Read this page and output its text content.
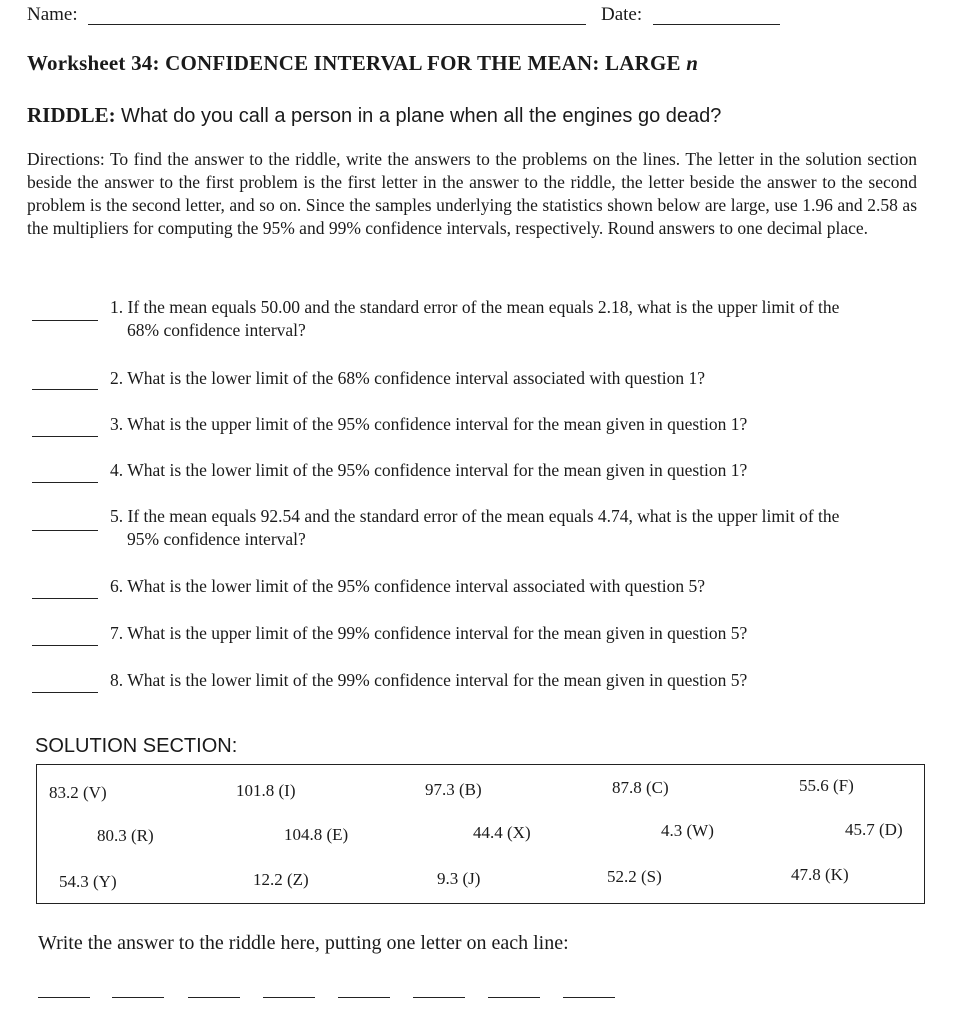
Name:	Date:
Worksheet 34: CONFIDENCE INTERVAL FOR THE MEAN: LARGE n
RIDDLE: What do you call a person in a plane when all the engines go dead?
Directions: To find the answer to the riddle, write the answers to the problems on the lines. The letter in the solution section beside the answer to the first problem is the first letter in the answer to the riddle, the letter beside the answer to the second problem is the second letter, and so on. Since the samples underlying the statistics shown below are large, use 1.96 and 2.58 as the multipliers for computing the 95% and 99% confidence intervals, respectively. Round answers to one decimal place.
1. If the mean equals 50.00 and the standard error of the mean equals 2.18, what is the upper limit of the
68% confidence interval?
2. What is the lower limit of the 68% confidence interval associated with question 1?
3. What is the upper limit of the 95% confidence interval for the mean given in question 1?
4. What is the lower limit of the 95% confidence interval for the mean given in question 1?
5. If the mean equals 92.54 and the standard error of the mean equals 4.74, what is the upper limit of the
95% confidence interval?
6. What is the lower limit of the 95% confidence interval associated with question 5?
7. What is the upper limit of the 99% confidence interval for the mean given in question 5?
8. What is the lower limit of the 99% confidence interval for the mean given in question 5?
SOLUTION SECTION:
83.2 (V)	101.8 (I)	97.3 (B)	87.8 (C)	55.6 (F)
80.3 (R)	104.8 (E)	44.4 (X)	4.3 (W)	45.7 (D)
54.3 (Y)	12.2 (Z)	9.3 (J)	52.2 (S)	47.8 (K)
Write the answer to the riddle here, putting one letter on each line:
